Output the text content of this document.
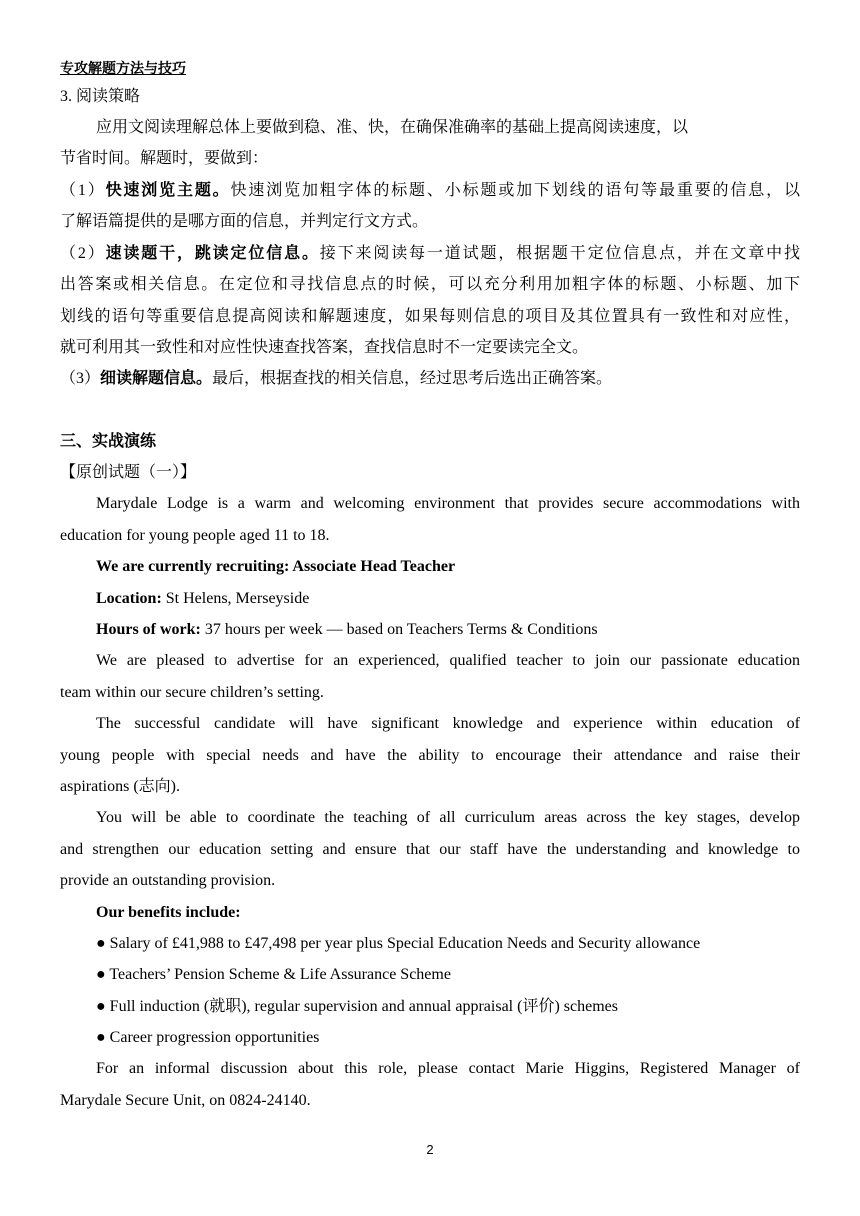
专攻解题方法与技巧
3. 阅读策略
应用文阅读理解总体上要做到稳、准、快，在确保准确率的基础上提高阅读速度，以
节省时间。解题时，要做到：
（1）快速浏览主题。快速浏览加粗字体的标题、小标题或加下划线的语句等最重要的信息，以
了解语篇提供的是哪方面的信息，并判定行文方式。
（2）速读题干，跳读定位信息。接下来阅读每一道试题，根据题干定位信息点，并在文章中找
出答案或相关信息。在定位和寻找信息点的时候，可以充分利用加粗字体的标题、小标题、加下
划线的语句等重要信息提高阅读和解题速度，如果每则信息的项目及其位置具有一致性和对应性，
就可利用其一致性和对应性快速查找答案，查找信息时不一定要读完全文。
（3）细读解题信息。最后，根据查找的相关信息，经过思考后选出正确答案。
三、实战演练
【原创试题（一）】
Marydale Lodge is a warm and welcoming environment that provides secure accommodations with
education for young people aged 11 to 18.
We are currently recruiting: Associate Head Teacher
Location: St Helens, Merseyside
Hours of work: 37 hours per week — based on Teachers Terms & Conditions
We are pleased to advertise for an experienced, qualified teacher to join our passionate education
team within our secure children’s setting.
The successful candidate will have significant knowledge and experience within education of
young people with special needs and have the ability to encourage their attendance and raise their
aspirations (志向).
You will be able to coordinate the teaching of all curriculum areas across the key stages, develop
and strengthen our education setting and ensure that our staff have the understanding and knowledge to
provide an outstanding provision.
Our benefits include:
● Salary of £41,988 to £47,498 per year plus Special Education Needs and Security allowance
● Teachers’ Pension Scheme & Life Assurance Scheme
● Full induction (就职), regular supervision and annual appraisal (评价) schemes
● Career progression opportunities
For an informal discussion about this role, please contact Marie Higgins, Registered Manager of
Marydale Secure Unit, on 0824-24140.
2
